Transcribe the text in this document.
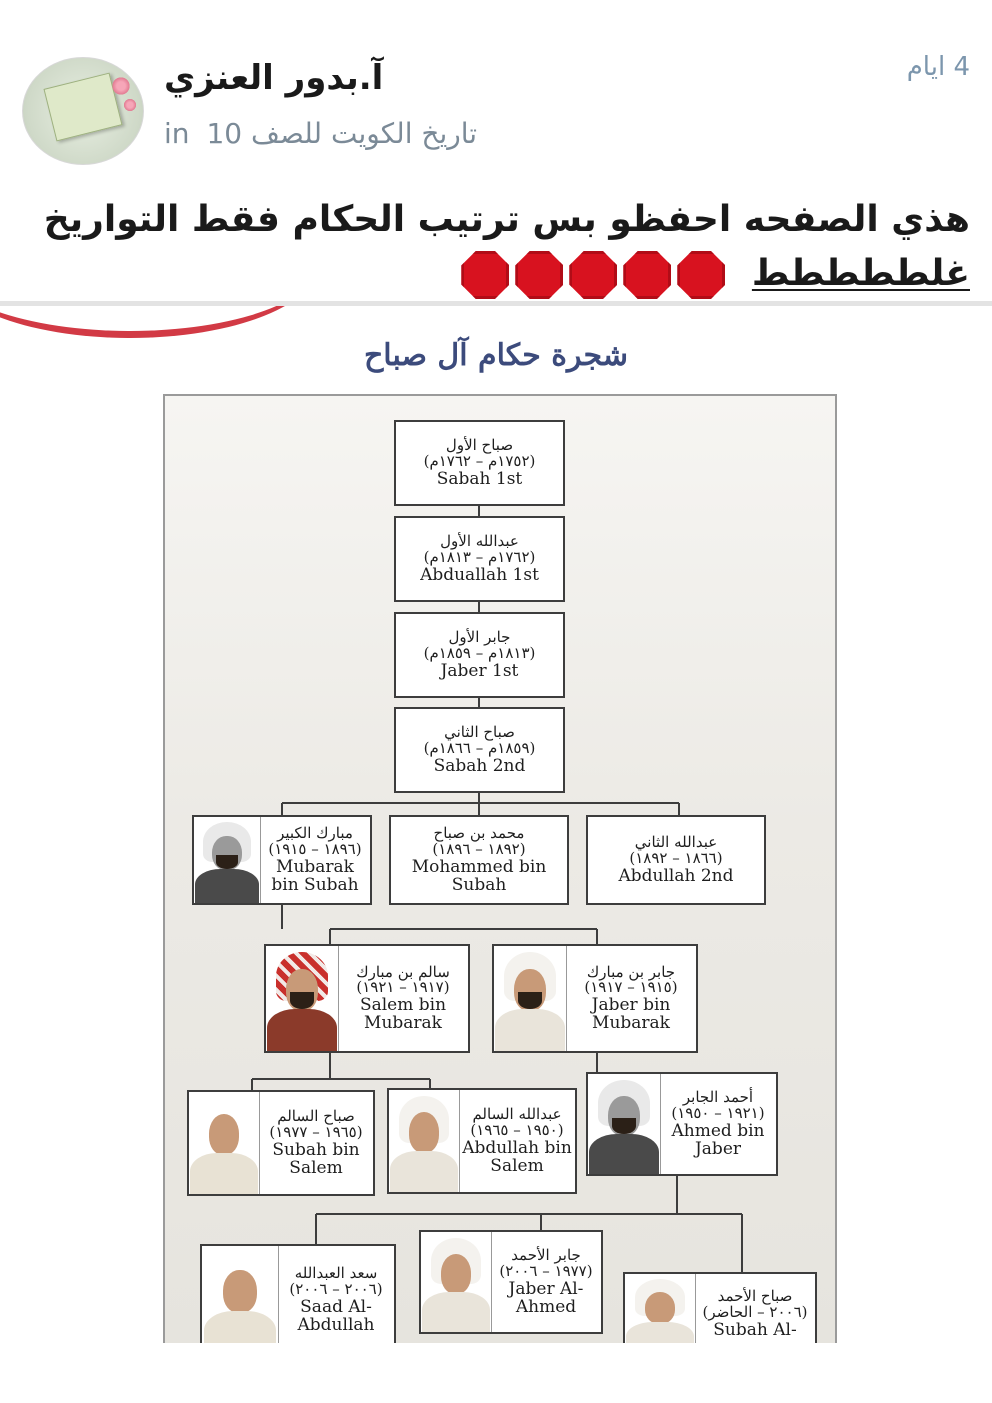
آ.بدور العنزي	4 ايام
in تاريخ الكويت للصف 10
هذي الصفحه احفظو بس ترتيب الحكام فقط التواريخ
غلططططط
شجرة حكام آل صباح
صباح الأول
(١٧٥٢م – ١٧٦٢م)
Sabah 1st
عبدالله الأول
(١٧٦٢م – ١٨١٣م)
Abduallah 1st
جابر الأول
(١٨١٣م – ١٨٥٩م)
Jaber 1st
صباح الثاني
(١٨٥٩م – ١٨٦٦م)
Sabah 2nd
مبارك الكبير
(١٨٩٦ – ١٩١٥)
Mubarak bin Subah
محمد بن صباح
(١٨٩٢ – ١٨٩٦)
Mohammed bin Subah
عبدالله الثاني
(١٨٦٦ – ١٨٩٢)
Abdullah 2nd
سالم بن مبارك
(١٩١٧ – ١٩٢١)
Salem bin Mubarak
جابر بن مبارك
(١٩١٥ – ١٩١٧)
Jaber bin Mubarak
صباح السالم
(١٩٦٥ – ١٩٧٧)
Subah bin Salem
عبدالله السالم
(١٩٥٠ – ١٩٦٥)
Abdullah bin Salem
أحمد الجابر
(١٩٢١ – ١٩٥٠)
Ahmed bin Jaber
سعد العبدالله
(٢٠٠٦ – ٢٠٠٦)
Saad Al-Abdullah
جابر الأحمد
(١٩٧٧ – ٢٠٠٦)
Jaber Al-Ahmed
صباح الأحمد
(٢٠٠٦ – الحاضر)
Subah Al-
